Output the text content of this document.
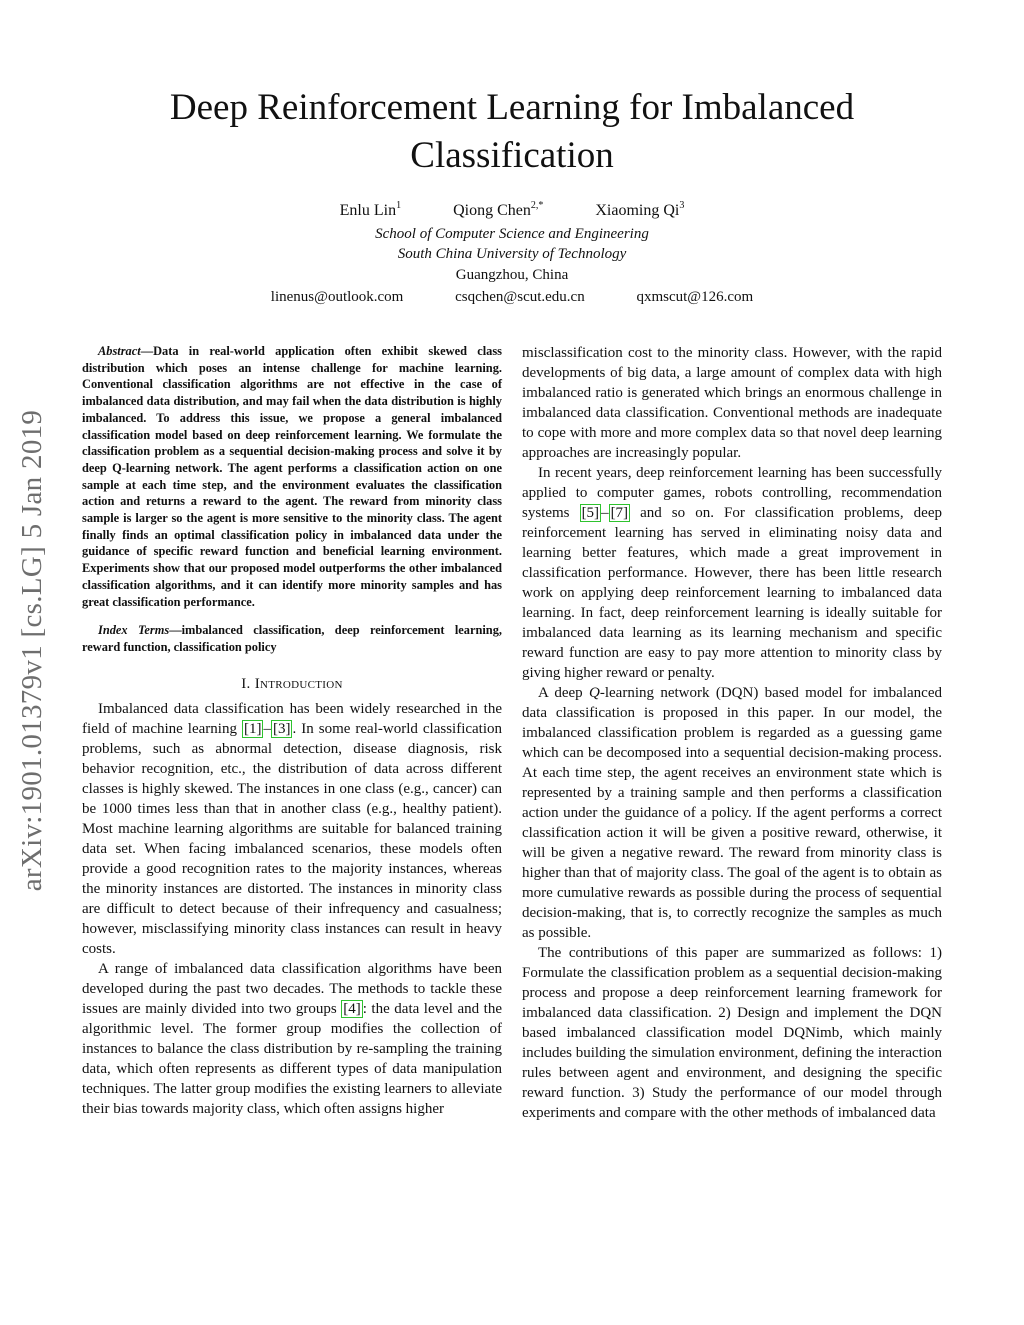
arXiv:1901.01379v1 [cs.LG] 5 Jan 2019
Deep Reinforcement Learning for Imbalanced Classification
Enlu Lin$^1$	Qiong Chen$^{2,*}$	Xiaoming Qi$^3$
School of Computer Science and Engineering
South China University of Technology
Guangzhou, China
linenus@outlook.com	csqchen@scut.edu.cn	qxmscut@126.com

Abstract—Data in real-world application often exhibit skewed class distribution which poses an intense challenge for machine learning. Conventional classification algorithms are not effective in the case of imbalanced data distribution, and may fail when the data distribution is highly imbalanced. To address this issue, we propose a general imbalanced classification model based on deep reinforcement learning. We formulate the classification problem as a sequential decision-making process and solve it by deep Q-learning network. The agent performs a classification action on one sample at each time step, and the environment evaluates the classification action and returns a reward to the agent. The reward from minority class sample is larger so the agent is more sensitive to the minority class. The agent finally finds an optimal classification policy in imbalanced data under the guidance of specific reward function and beneficial learning environment. Experiments show that our proposed model outperforms the other imbalanced classification algorithms, and it can identify more minority samples and has great classification performance.

Index Terms—imbalanced classification, deep reinforcement learning, reward function, classification policy

I. Introduction

Imbalanced data classification has been widely researched in the field of machine learning [1] – [3] . In some real-world classification problems, such as abnormal detection, disease diagnosis, risk behavior recognition, etc., the distribution of data across different classes is highly skewed. The instances in one class (e.g., cancer) can be 1000 times less than that in another class (e.g., healthy patient). Most machine learning algorithms are suitable for balanced training data set. When facing imbalanced scenarios, these models often provide a good recognition rates to the majority instances, whereas the minority instances are distorted. The instances in minority class are difficult to detect because of their infrequency and casualness; however, misclassifying minority class instances can result in heavy costs.

A range of imbalanced data classification algorithms have been developed during the past two decades. The methods to tackle these issues are mainly divided into two groups [4] : the data level and the algorithmic level. The former group modifies the collection of instances to balance the class distribution by re-sampling the training data, which often represents as different types of data manipulation techniques. The latter group modifies the existing learners to alleviate their bias towards majority class, which often assigns higher

misclassification cost to the minority class. However, with the rapid developments of big data, a large amount of complex data with high imbalanced ratio is generated which brings an enormous challenge in imbalanced data classification. Conventional methods are inadequate to cope with more and more complex data so that novel deep learning approaches are increasingly popular.

In recent years, deep reinforcement learning has been successfully applied to computer games, robots controlling, recommendation systems [5] – [7] and so on. For classification problems, deep reinforcement learning has served in eliminating noisy data and learning better features, which made a great improvement in classification performance. However, there has been little research work on applying deep reinforcement learning to imbalanced data learning. In fact, deep reinforcement learning is ideally suitable for imbalanced data learning as its learning mechanism and specific reward function are easy to pay more attention to minority class by giving higher reward or penalty.

A deep Q-learning network (DQN) based model for imbalanced data classification is proposed in this paper. In our model, the imbalanced classification problem is regarded as a guessing game which can be decomposed into a sequential decision-making process. At each time step, the agent receives an environment state which is represented by a training sample and then performs a classification action under the guidance of a policy. If the agent performs a correct classification action it will be given a positive reward, otherwise, it will be given a negative reward. The reward from minority class is higher than that of majority class. The goal of the agent is to obtain as more cumulative rewards as possible during the process of sequential decision-making, that is, to correctly recognize the samples as much as possible.

The contributions of this paper are summarized as follows: 1) Formulate the classification problem as a sequential decision-making process and propose a deep reinforcement learning framework for imbalanced data classification. 2) Design and implement the DQN based imbalanced classification model DQNimb, which mainly includes building the simulation environment, defining the interaction rules between agent and environment, and designing the specific reward function. 3) Study the performance of our model through experiments and compare with the other methods of imbalanced data
